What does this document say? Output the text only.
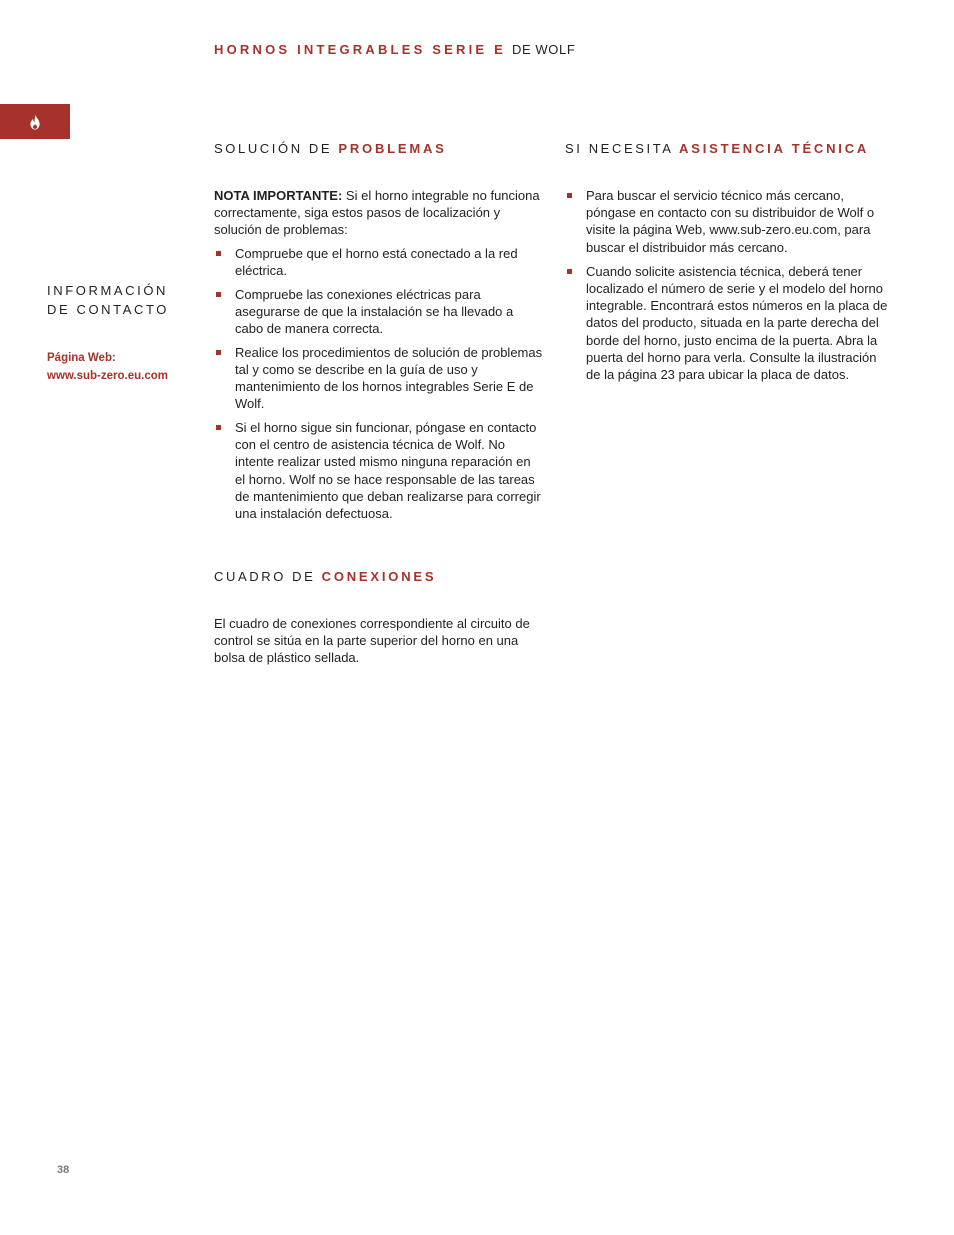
HORNOS INTEGRABLES SERIE E DE WOLF
INFORMACIÓN
DE CONTACTO
Página Web:
www.sub-zero.eu.com
SOLUCIÓN DE PROBLEMAS
NOTA IMPORTANTE: Si el horno integrable no funciona correctamente, siga estos pasos de localización y solución de problemas:
Compruebe que el horno está conectado a la red eléctrica.
Compruebe las conexiones eléctricas para asegurarse de que la instalación se ha llevado a cabo de manera correcta.
Realice los procedimientos de solución de problemas tal y como se describe en la guía de uso y mantenimiento de los hornos integrables Serie E de Wolf.
Si el horno sigue sin funcionar, póngase en contacto con el centro de asistencia técnica de Wolf. No intente realizar usted mismo ninguna reparación en el horno. Wolf no se hace responsable de las tareas de mantenimiento que deban realizarse para corregir una instalación defectuosa.
CUADRO DE CONEXIONES
El cuadro de conexiones correspondiente al circuito de control se sitúa en la parte superior del horno en una bolsa de plástico sellada.
SI NECESITA ASISTENCIA TÉCNICA
Para buscar el servicio técnico más cercano, póngase en contacto con su distribuidor de Wolf o visite la página Web, www.sub-zero.eu.com, para buscar el distribuidor más cercano.
Cuando solicite asistencia técnica, deberá tener localizado el número de serie y el modelo del horno integrable. Encontrará estos números en la placa de datos del producto, situada en la parte derecha del borde del horno, justo encima de la puerta. Abra la puerta del horno para verla. Consulte la ilustración de la página 23 para ubicar la placa de datos.
38
